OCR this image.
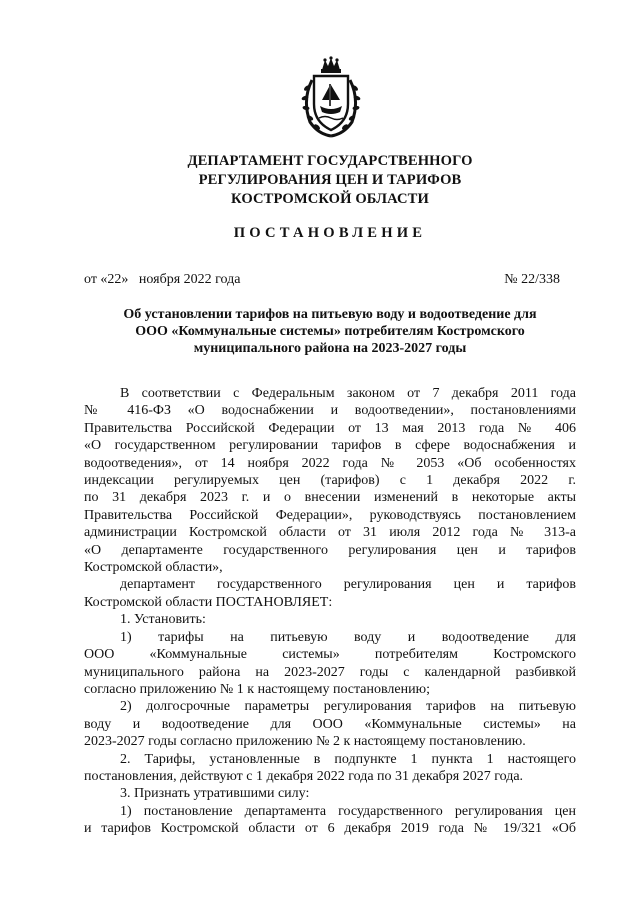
ДЕПАРТАМЕНТ ГОСУДАРСТВЕННОГО
РЕГУЛИРОВАНИЯ ЦЕН И ТАРИФОВ
КОСТРОМСКОЙ ОБЛАСТИ
ПОСТАНОВЛЕНИЕ
от «22»   ноября 2022 года	№ 22/338
Об установлении тарифов на питьевую воду и водоотведение для
ООО «Коммунальные системы» потребителям Костромского
муниципального района на 2023-2027 годы

В соответствии с Федеральным законом от 7 декабря 2011 года

№ 416-ФЗ «О водоснабжении и водоотведении», постановлениями

Правительства Российской Федерации от 13 мая 2013 года № 406

«О государственном регулировании тарифов в сфере водоснабжения и

водоотведения», от 14 ноября 2022 года № 2053 «Об особенностях

индексации регулируемых цен (тарифов) с 1 декабря 2022 г.

по 31 декабря 2023 г. и о внесении изменений в некоторые акты

Правительства Российской Федерации», руководствуясь постановлением

администрации Костромской области от 31 июля 2012 года № 313-а

«О департаменте государственного регулирования цен и тарифов

Костромской области»,

департамент государственного регулирования цен и тарифов

Костромской области ПОСТАНОВЛЯЕТ:

1. Установить:

1) тарифы на питьевую воду и водоотведение для

ООО «Коммунальные системы» потребителям Костромского

муниципального района на 2023-2027 годы с календарной разбивкой

согласно приложению № 1 к настоящему постановлению;

2) долгосрочные параметры регулирования тарифов на питьевую

воду и водоотведение для ООО «Коммунальные системы» на

2023-2027 годы согласно приложению № 2 к настоящему постановлению.

2. Тарифы, установленные в подпункте 1 пункта 1 настоящего

постановления, действуют с 1 декабря 2022 года по 31 декабря 2027 года.

3. Признать утратившими силу:

1) постановление департамента государственного регулирования цен

и тарифов Костромской области от 6 декабря 2019 года № 19/321 «Об
